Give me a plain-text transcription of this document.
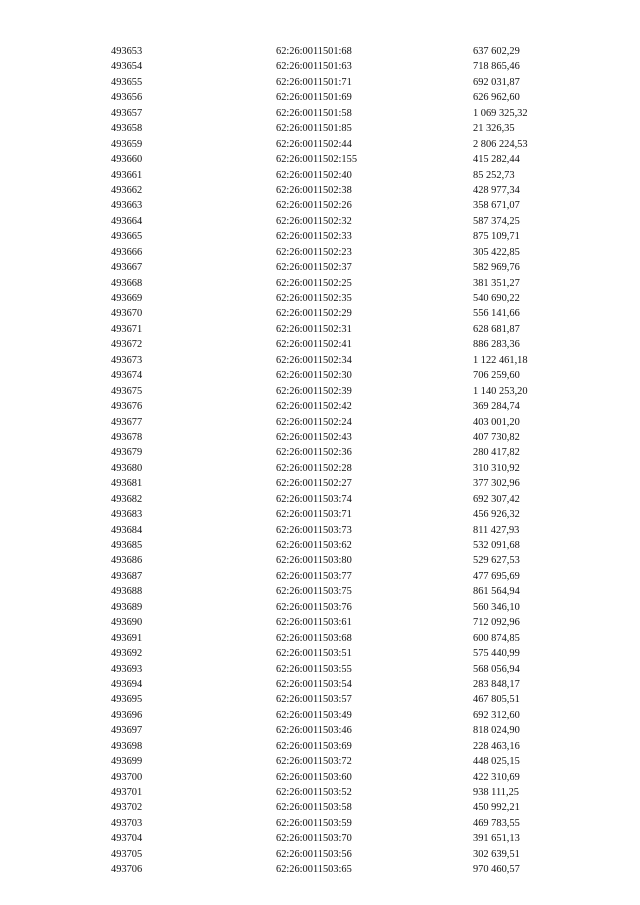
493653	62:26:0011501:68	637 602,29
493654	62:26:0011501:63	718 865,46
493655	62:26:0011501:71	692 031,87
493656	62:26:0011501:69	626 962,60
493657	62:26:0011501:58	1 069 325,32
493658	62:26:0011501:85	21 326,35
493659	62:26:0011502:44	2 806 224,53
493660	62:26:0011502:155	415 282,44
493661	62:26:0011502:40	85 252,73
493662	62:26:0011502:38	428 977,34
493663	62:26:0011502:26	358 671,07
493664	62:26:0011502:32	587 374,25
493665	62:26:0011502:33	875 109,71
493666	62:26:0011502:23	305 422,85
493667	62:26:0011502:37	582 969,76
493668	62:26:0011502:25	381 351,27
493669	62:26:0011502:35	540 690,22
493670	62:26:0011502:29	556 141,66
493671	62:26:0011502:31	628 681,87
493672	62:26:0011502:41	886 283,36
493673	62:26:0011502:34	1 122 461,18
493674	62:26:0011502:30	706 259,60
493675	62:26:0011502:39	1 140 253,20
493676	62:26:0011502:42	369 284,74
493677	62:26:0011502:24	403 001,20
493678	62:26:0011502:43	407 730,82
493679	62:26:0011502:36	280 417,82
493680	62:26:0011502:28	310 310,92
493681	62:26:0011502:27	377 302,96
493682	62:26:0011503:74	692 307,42
493683	62:26:0011503:71	456 926,32
493684	62:26:0011503:73	811 427,93
493685	62:26:0011503:62	532 091,68
493686	62:26:0011503:80	529 627,53
493687	62:26:0011503:77	477 695,69
493688	62:26:0011503:75	861 564,94
493689	62:26:0011503:76	560 346,10
493690	62:26:0011503:61	712 092,96
493691	62:26:0011503:68	600 874,85
493692	62:26:0011503:51	575 440,99
493693	62:26:0011503:55	568 056,94
493694	62:26:0011503:54	283 848,17
493695	62:26:0011503:57	467 805,51
493696	62:26:0011503:49	692 312,60
493697	62:26:0011503:46	818 024,90
493698	62:26:0011503:69	228 463,16
493699	62:26:0011503:72	448 025,15
493700	62:26:0011503:60	422 310,69
493701	62:26:0011503:52	938 111,25
493702	62:26:0011503:58	450 992,21
493703	62:26:0011503:59	469 783,55
493704	62:26:0011503:70	391 651,13
493705	62:26:0011503:56	302 639,51
493706	62:26:0011503:65	970 460,57
